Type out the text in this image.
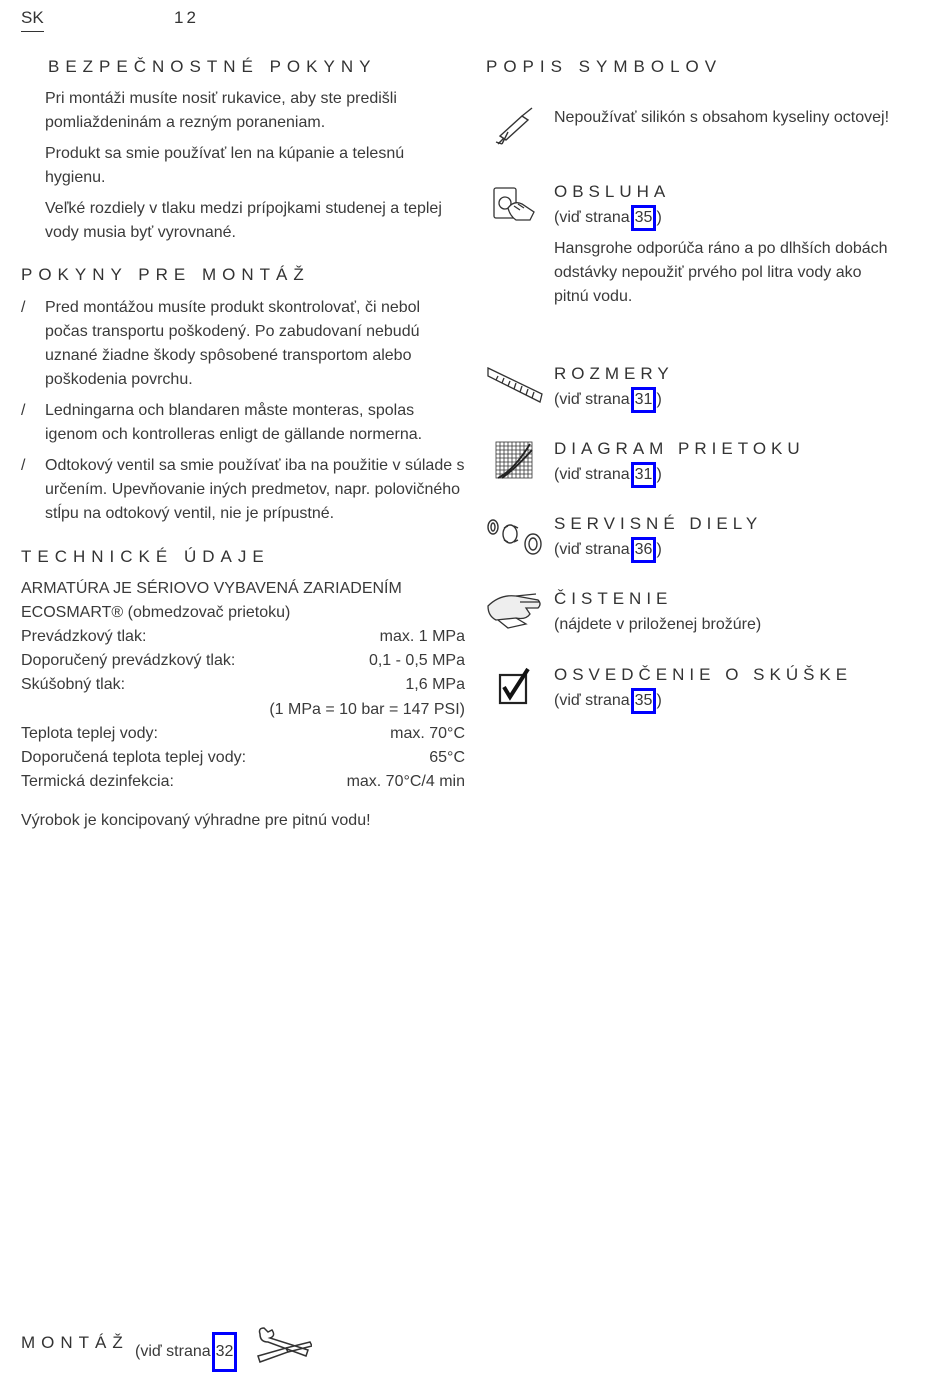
SK	12
BEZPEČNOSTNÉ POKYNY
Pri montáži musíte nosiť rukavice, aby ste predišli pomliaždeninám a rezným poraneniam.
Produkt sa smie používať len na kúpanie a telesnú hygienu.
Veľké rozdiely v tlaku medzi prípojkami studenej a teplej vody musia byť vyrovnané.
POKYNY PRE MONTÁŽ
/ Pred montážou musíte produkt skontrolovať, či nebol počas transportu poškodený. Po zabudovaní nebudú uznané žiadne škody spôsobené transportom alebo poškodenia povrchu.
/ Ledningarna och blandaren måste monteras, spolas igenom och kontrolleras enligt de gällande normerna.
/ Odtokový ventil sa smie používať iba na použitie v súlade s určením. Upevňovanie iných predmetov, napr. polovičného stĺpu na odtokový ventil, nie je prípustné.
TECHNICKÉ ÚDAJE
ARMATÚRA JE SÉRIOVO VYBAVENÁ ZARIADENÍM
ECOSMART® (obmedzovač prietoku)
Prevádzkový tlak:	max. 1 MPa
Doporučený prevádzkový tlak:	0,1 - 0,5 MPa
Skúšobný tlak:	1,6 MPa
(1 MPa = 10 bar = 147 PSI)
Teplota teplej vody:	max. 70°C
Doporučená teplota teplej vody:	65°C
Termická dezinfekcia:	max. 70°C/4 min
Výrobok je koncipovaný výhradne pre pitnú vodu!
POPIS SYMBOLOV
Nepoužívať silikón s obsahom kyseliny octovej!
OBSLUHA
(viď strana 35 )
Hansgrohe odporúča ráno a po dlhších dobách
odstávky nepoužiť prvého pol litra vody ako
pitnú vodu.
ROZMERY
(viď strana 31 )
DIAGRAM PRIETOKU
(viď strana 31 )
SERVISNÉ DIELY
(viď strana 36 )
ČISTENIE
(nájdete v priloženej brožúre)
OSVEDČENIE O SKÚŠKE
(viď strana 35 )
MONTÁŽ (viď strana 32
